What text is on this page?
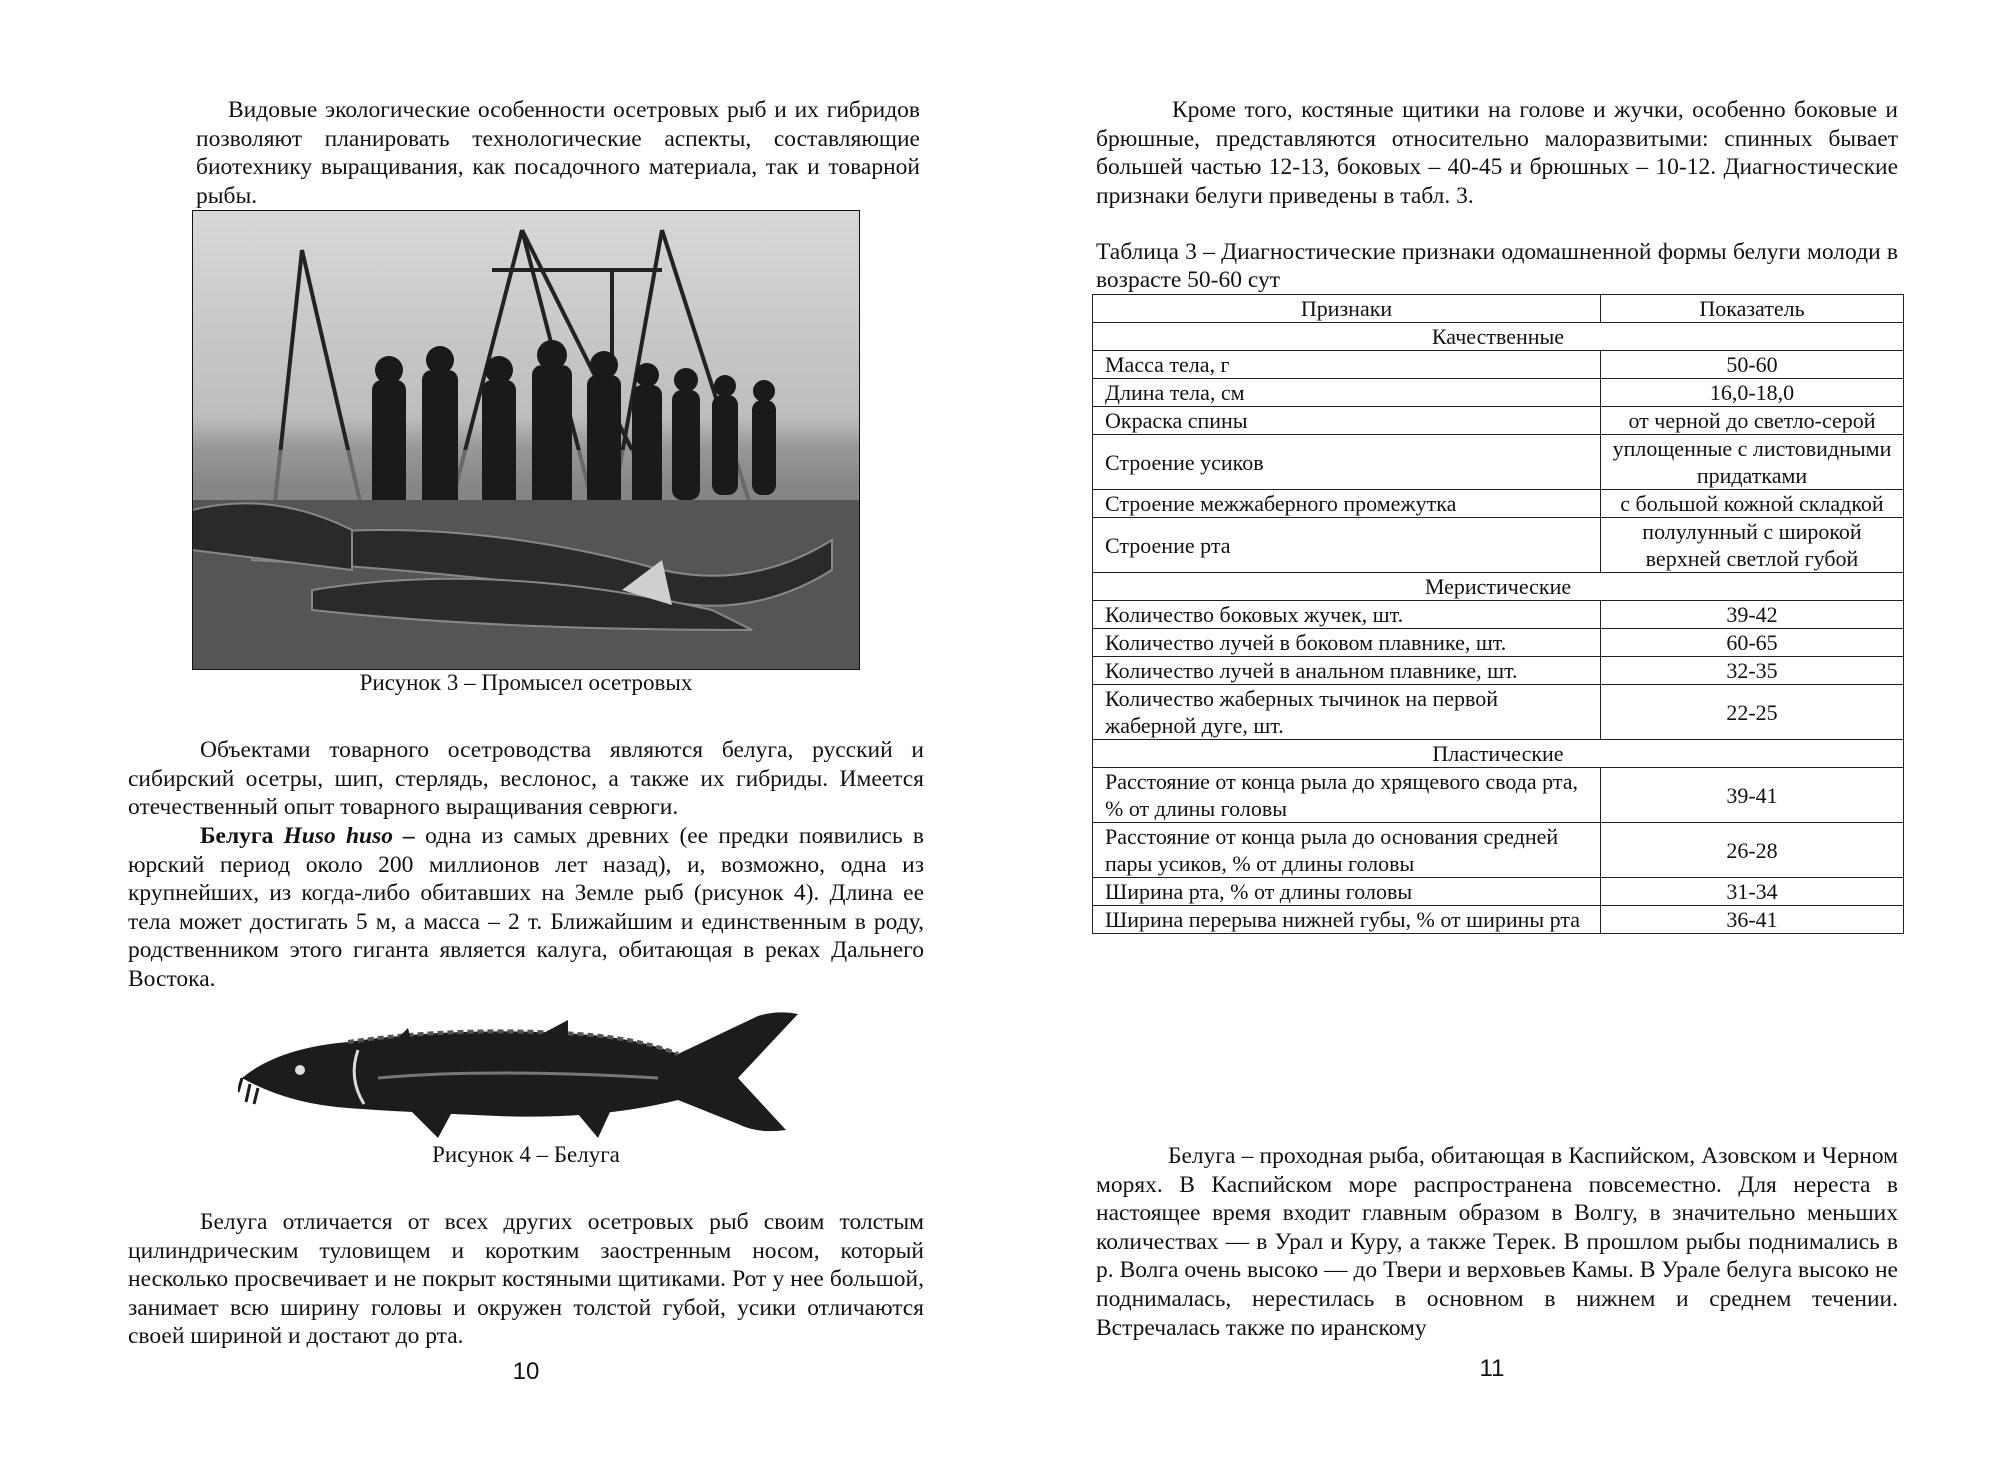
Видовые экологические особенности осетровых рыб и их гибридов позволяют планировать технологические аспекты, составляющие биотехнику выращивания, как посадочного материала, так и товарной рыбы.

Рисунок 3 – Промысел осетровых

Объектами товарного осетроводства являются белуга, русский и сибирский осетры, шип, стерлядь, веслонос, а также их гибриды. Имеется отечественный опыт товарного выращивания севрюги.

Белуга Huso huso – одна из самых древних (ее предки появились в юрский период около 200 миллионов лет назад), и, возможно, одна из крупнейших, из когда-либо обитавших на Земле рыб (рисунок 4). Длина ее тела может достигать 5 м, а масса – 2 т. Ближайшим и единственным в роду, родственником этого гиганта является калуга, обитающая в реках Дальнего Востока.

Рисунок 4 – Белуга

Белуга отличается от всех других осетровых рыб своим толстым цилиндрическим туловищем и коротким заостренным носом, который несколько просвечивает и не покрыт костяными щитиками. Рот у нее большой, занимает всю ширину головы и окружен толстой губой, усики отличаются своей шириной и достают до рта.

10

Кроме того, костяные щитики на голове и жучки, особенно боковые и брюшные, представляются относительно малоразвитыми: спинных бывает большей частью 12-13, боковых – 40-45 и брюшных – 10-12. Диагностические признаки белуги приведены в табл. 3.

Таблица 3 – Диагностические признаки одомашненной формы белуги молоди в возрасте 50-60 сут

Признаки	Показатель
Качественные	
Масса тела, г	50-60
Длина тела, см	16,0-18,0
Окраска спины	от черной до светло-серой
Строение усиков	уплощенные с листовидными придатками
Строение межжаберного промежутка	с большой кожной складкой
Строение рта	полулунный с широкой верхней светлой губой
Меристические	
Количество боковых жучек, шт.	39-42
Количество лучей в боковом плавнике, шт.	60-65
Количество лучей в анальном плавнике, шт.	32-35
Количество жаберных тычинок на первой жаберной дуге, шт.	22-25
Пластические	
Расстояние от конца рыла до хрящевого свода рта, % от длины головы	39-41
Расстояние от конца рыла до основания средней пары усиков, % от длины головы	26-28
Ширина рта, % от длины головы	31-34
Ширина перерыва нижней губы, % от ширины рта	36-41

Белуга – проходная рыба, обитающая в Каспийском, Азовском и Черном морях. В Каспийском море распространена повсеместно. Для нереста в настоящее время входит главным образом в Волгу, в значительно меньших количествах — в Урал и Куру, а также Терек. В прошлом рыбы поднимались в р. Волга очень высоко — до Твери и верховьев Камы. В Урале белуга высоко не поднималась, нерестилась в основном в нижнем и среднем течении. Встречалась также по иранскому

11
